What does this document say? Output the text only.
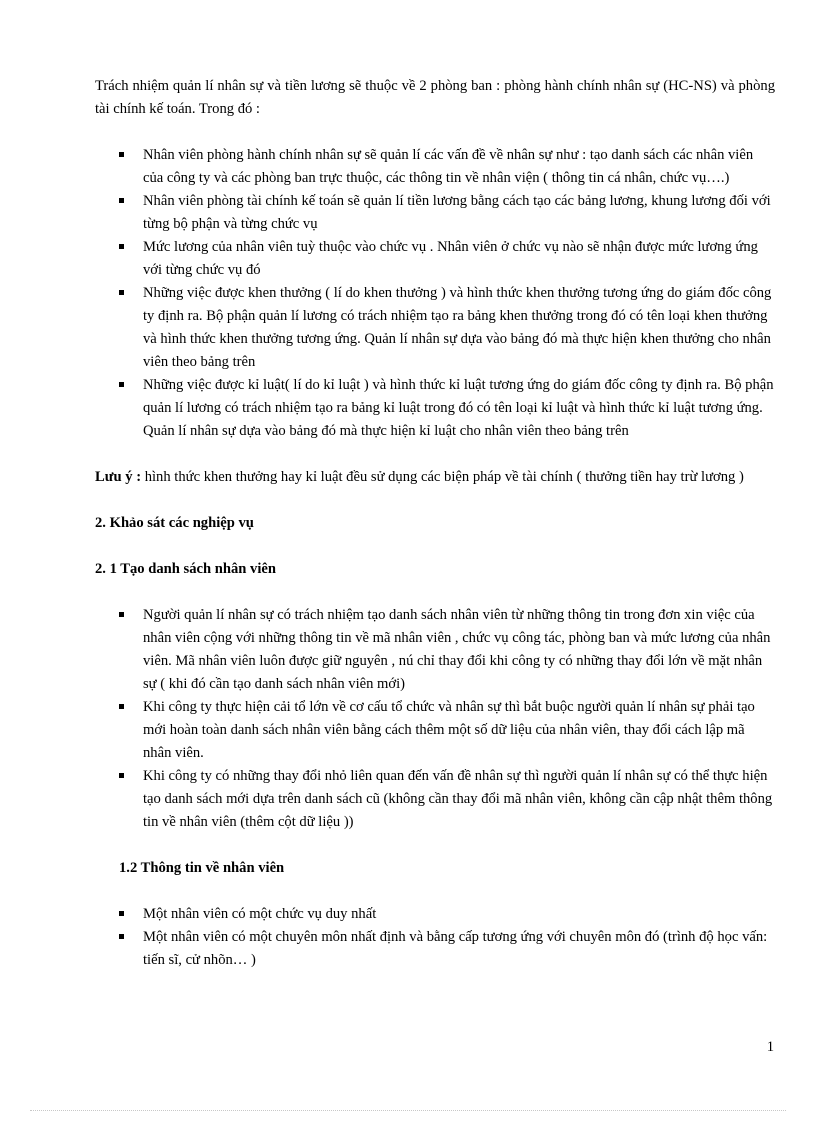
Trách nhiệm quản lí nhân sự và tiền lương sẽ thuộc về 2 phòng ban : phòng hành chính nhân sự (HC-NS) và phòng tài chính kế toán. Trong đó :

Nhân viên phòng hành chính nhân sự sẽ quản lí các vấn đề về nhân sự như : tạo danh sách các nhân viên của công ty và các phòng ban trực thuộc, các thông tin về nhân viện ( thông tin cá nhân, chức vụ….)
Nhân viên phòng tài chính kế toán sẽ quản lí tiền lương bằng cách tạo các bảng lương, khung lương đối với từng bộ phận và từng chức vụ
Mức lương của nhân viên tuỳ thuộc vào chức vụ . Nhân viên ở chức vụ nào sẽ nhận được mức lương ứng với từng chức vụ đó
Những việc được khen thưởng ( lí do khen thưởng ) và hình thức khen thưởng tương ứng do giám đốc công ty định ra. Bộ phận quản lí lương có trách nhiệm tạo ra bảng khen thưởng trong đó có tên loại khen thưởng và hình thức khen thưởng tương ứng. Quản lí nhân sự dựa vào bảng đó mà thực hiện khen thưởng cho nhân viên theo bảng trên
Những việc được kỉ luật( lí do kỉ luật ) và hình thức kỉ luật tương ứng do giám đốc công ty định ra. Bộ phận quản lí lương có trách nhiệm tạo ra bảng kỉ luật trong đó có tên loại kỉ luật và hình thức kỉ luật tương ứng. Quản lí nhân sự dựa vào bảng đó mà thực hiện kỉ luật cho nhân viên theo bảng trên

Lưu ý : hình thức khen thưởng hay kỉ luật đều sử dụng các biện pháp về tài chính ( thưởng tiền hay trừ lương )

2. Khảo sát các nghiệp vụ
2. 1 Tạo danh sách nhân viên
Người quản lí nhân sự có trách nhiệm tạo danh sách nhân viên từ những thông tin trong đơn xin việc của nhân viên cộng với những thông tin về mã nhân viên , chức vụ công tác, phòng ban và mức lương của nhân viên. Mã nhân viên luôn được giữ nguyên , nú chỉ thay đổi khi công ty có những thay đổi lớn về mặt nhân sự ( khi đó cần tạo danh sách nhân viên mới)
Khi công ty thực hiện cải tổ lớn về cơ cấu tổ chức và nhân sự thì bắt buộc người quản lí nhân sự phải tạo mới hoàn toàn danh sách nhân viên bằng cách thêm một số dữ liệu của nhân viên, thay đổi cách lập mã nhân viên.
Khi công ty có những thay đổi nhỏ liên quan đến vấn đề nhân sự thì người quản lí nhân sự có thể thực hiện tạo danh sách mới dựa trên danh sách cũ (không cần thay đổi mã nhân viên, không cần cập nhật thêm thông tin về nhân viên (thêm cột dữ liệu ))
1.2 Thông tin về nhân viên
Một nhân viên có một chức vụ duy nhất
Một nhân viên có một chuyên môn nhất định và bằng cấp tương ứng với chuyên môn đó (trình độ học vấn: tiến sĩ, cử nhõn… )
1
